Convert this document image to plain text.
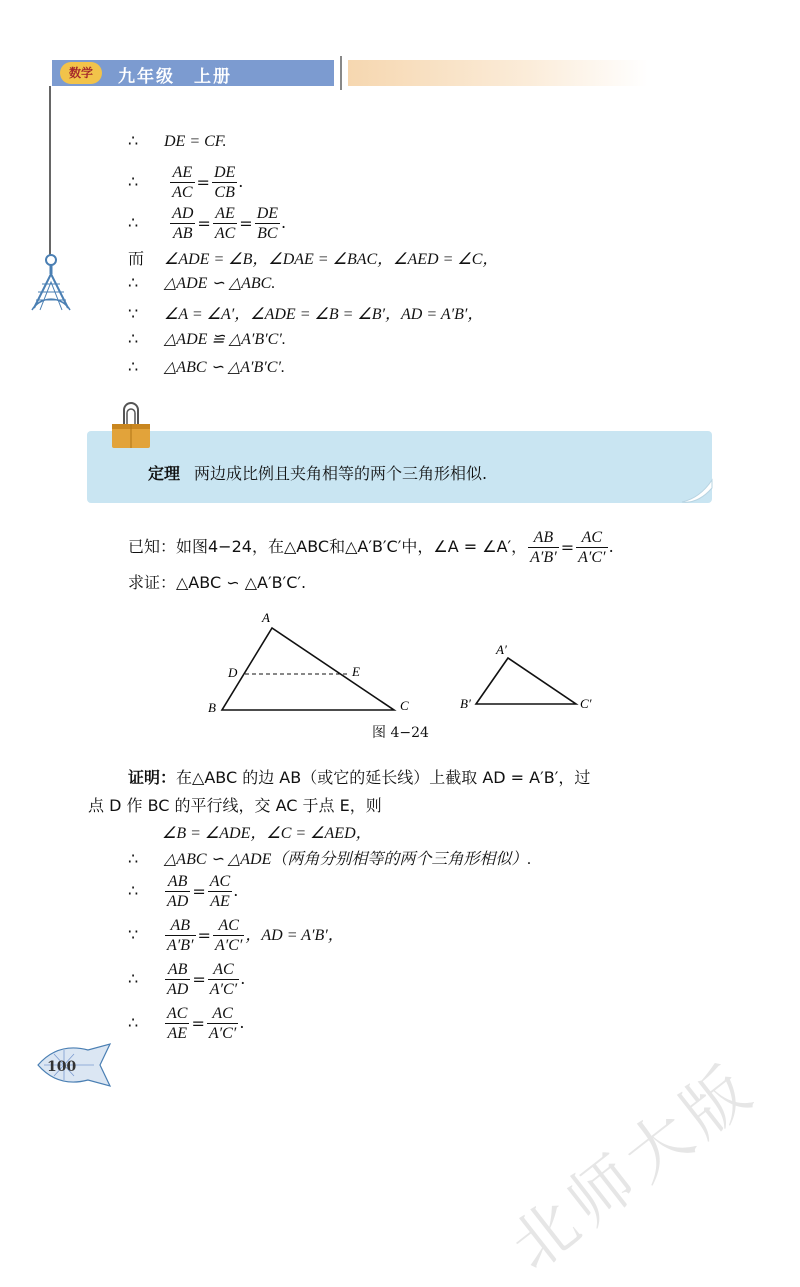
数学	九年级　上册
∴ DE = CF.
∴ $\frac{AE}{AC} = \frac{DE}{CB}$ .
∴ $\frac{AD}{AB} = \frac{AE}{AC} = \frac{DE}{BC}$ .
而 ∠ADE = ∠B，∠DAE = ∠BAC，∠AED = ∠C，
∴ △ADE ∽ △ABC.
∵ ∠A = ∠A′，∠ADE = ∠B = ∠B′，AD = A′B′，
∴ △ADE ≌ △A′B′C′.
∴ △ABC ∽ △A′B′C′.
定理 两边成比例且夹角相等的两个三角形相似.
已知：如图4−24，在△ABC和△A′B′C′中，∠A = ∠A′， $\frac{AB}{A'B'} = \frac{AC}{A'C'}$ .
求证：△ABC ∽ △A′B′C′.
A
B	C
D	E
A′
B′	C′
图 4−24
证明：在△ABC 的边 AB（或它的延长线）上截取 AD = A′B′，过
点 D 作 BC 的平行线，交 AC 于点 E，则
∠B = ∠ADE，∠C = ∠AED，
∴ △ABC ∽ △ADE（两角分别相等的两个三角形相似）.
∴ $\frac{AB}{AD} = \frac{AC}{AE}$ .
∵ $\frac{AB}{A'B'} = \frac{AC}{A'C'}$ ，AD = A′B′，
∴ $\frac{AB}{AD} = \frac{AC}{A'C'}$ .
∴ $\frac{AC}{AE} = \frac{AC}{A'C'}$ .
100	北师大版
